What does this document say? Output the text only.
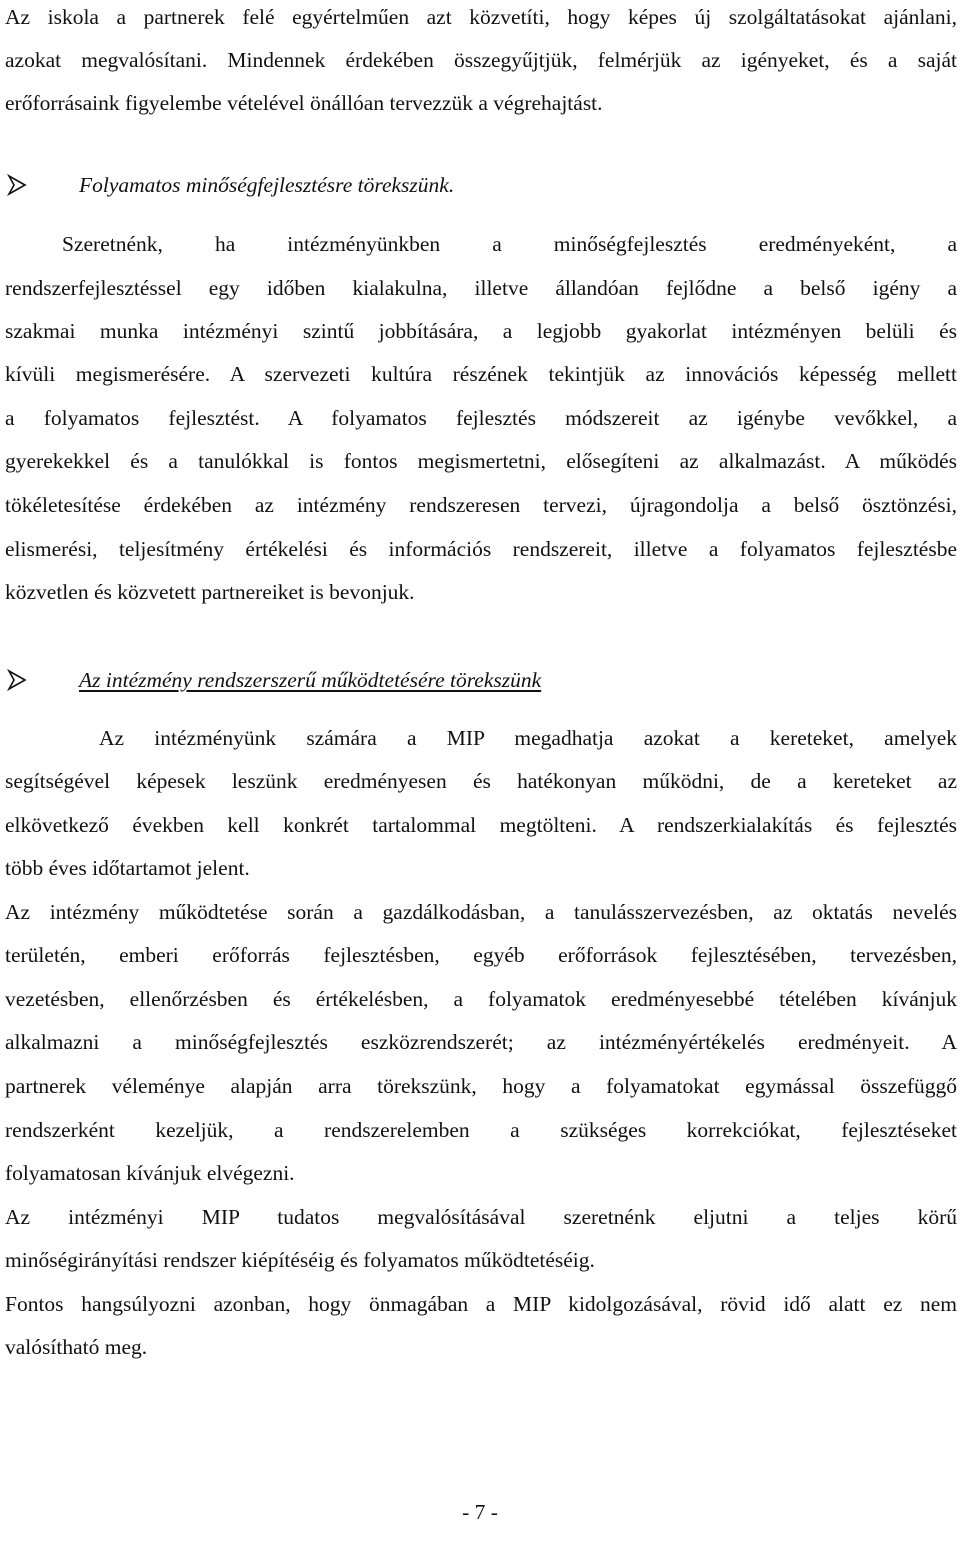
Az iskola a partnerek felé egyértelműen azt közvetíti, hogy képes új szolgáltatásokat ajánlani,
azokat megvalósítani. Mindennek érdekében összegyűjtjük, felmérjük az igényeket, és a saját
erőforrásaink figyelembe vételével önállóan tervezzük a végrehajtást.
Folyamatos minőségfejlesztésre törekszünk.
Szeretnénk, ha intézményünkben a minőségfejlesztés eredményeként, a
rendszerfejlesztéssel egy időben kialakulna, illetve állandóan fejlődne a belső igény a
szakmai munka intézményi szintű jobbítására, a legjobb gyakorlat intézményen belüli és
kívüli megismerésére. A szervezeti kultúra részének tekintjük az innovációs képesség mellett
a folyamatos fejlesztést. A folyamatos fejlesztés módszereit az igénybe vevőkkel, a
gyerekekkel és a tanulókkal is fontos megismertetni, elősegíteni az alkalmazást. A működés
tökéletesítése érdekében az intézmény rendszeresen tervezi, újragondolja a belső ösztönzési,
elismerési, teljesítmény értékelési és információs rendszereit, illetve a folyamatos fejlesztésbe
közvetlen és közvetett partnereiket is bevonjuk.
Az intézmény rendszerszerű működtetésére törekszünk
Az intézményünk számára a MIP megadhatja azokat a kereteket, amelyek
segítségével képesek leszünk eredményesen és hatékonyan működni, de a kereteket az
elkövetkező években kell konkrét tartalommal megtölteni. A rendszerkialakítás és fejlesztés
több éves időtartamot jelent.
Az intézmény működtetése során a gazdálkodásban, a tanulásszervezésben, az oktatás nevelés
területén, emberi erőforrás fejlesztésben, egyéb erőforrások fejlesztésében, tervezésben,
vezetésben, ellenőrzésben és értékelésben, a folyamatok eredményesebbé tételében kívánjuk
alkalmazni a minőségfejlesztés eszközrendszerét; az intézményértékelés eredményeit. A
partnerek véleménye alapján arra törekszünk, hogy a folyamatokat egymással összefüggő
rendszerként kezeljük, a rendszerelemben a szükséges korrekciókat, fejlesztéseket
folyamatosan kívánjuk elvégezni.
Az intézményi MIP tudatos megvalósításával szeretnénk eljutni a teljes körű
minőségirányítási rendszer kiépítéséig és folyamatos működtetéséig.
Fontos hangsúlyozni azonban, hogy önmagában a MIP kidolgozásával, rövid idő alatt ez nem
valósítható meg.
- 7 -
